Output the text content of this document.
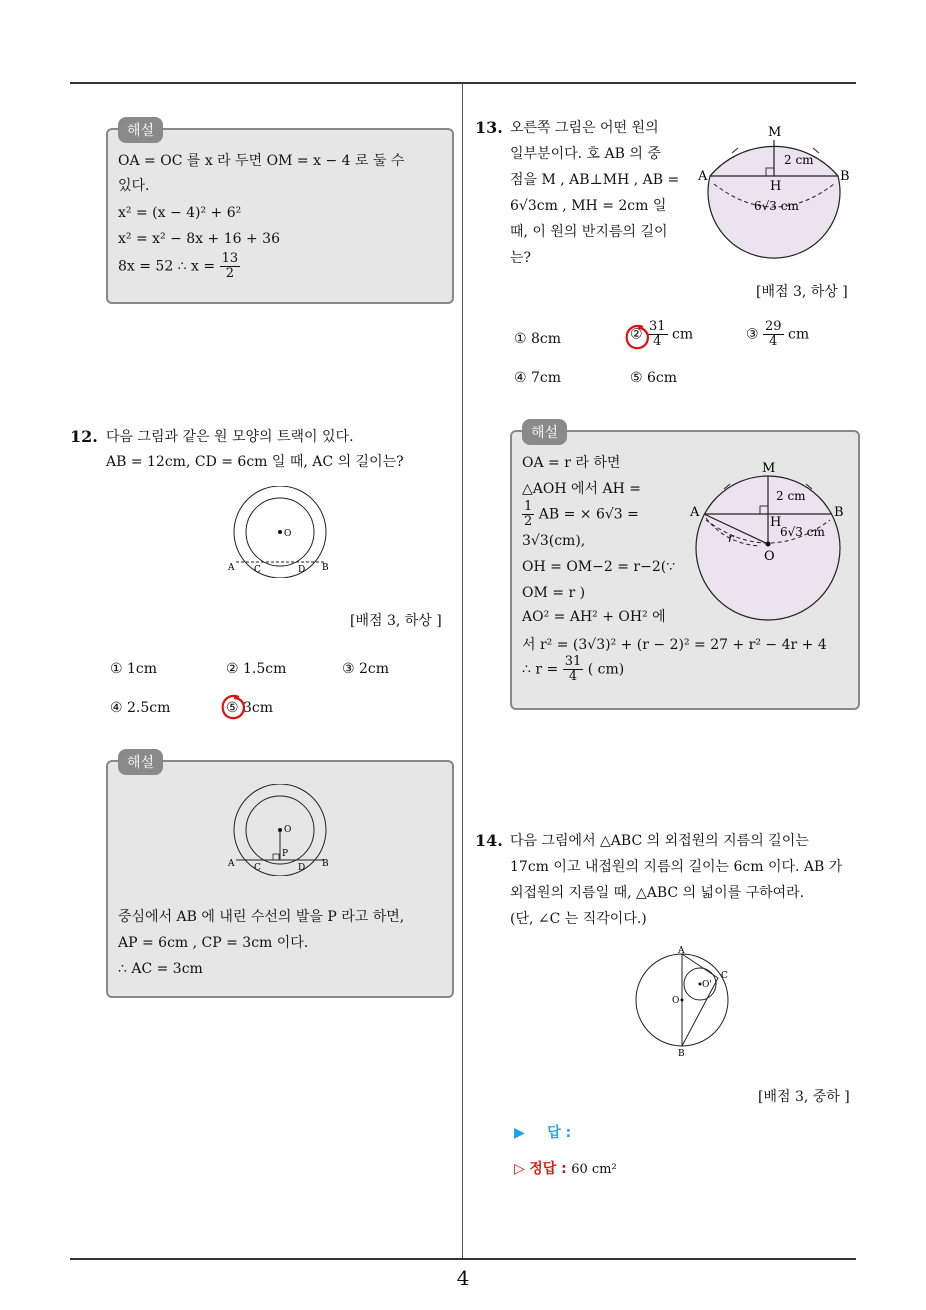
4
해설
OA = OC 를 x 라 두면 OM = x − 4 로 둘 수
있다.
x² = (x − 4)² + 6²
x² = x² − 8x + 16 + 36
8x = 52 ∴ $x = \frac{13}{2}$
12. 다음 그림과 같은 원 모양의 트랙이 있다.
AB = 12cm, CD = 6cm 일 때, AC 의 길이는?
O
A C	D B
[배점 3, 하상 ]
① 1cm	② 1.5cm	③ 2cm
④ 2.5cm	⑤ 3cm
해설
O
P
A C	D B
중심에서 AB 에 내린 수선의 발을 P 라고 하면,
AP = 6cm , CP = 3cm 이다.
∴ AC = 3cm
13. 오른쪽 그림은 어떤 원의
일부분이다. 호 AB 의 중
점을 M , AB⊥MH , AB =
6√3cm , MH = 2cm 일
때, 이 원의 반지름의 길이
는?
M
A	B
H
2 cm
6√3 cm
[배점 3, 하상 ]
① 8cm	② $\frac{31}{4}$ cm	③ $\frac{29}{4}$ cm
④ 7cm	⑤ 6cm
해설
OA = r 라 하면
△AOH 에서 AH =
$\frac{1}{2}$ AB = × 6√3 =
3√3(cm),
OH = OM−2 = r−2(∵
OM = r )
AO² = AH² + OH² 에
서 r² = (3√3)² + (r − 2)² = 27 + r² − 4r + 4
∴ $r = \frac{31}{4}$ ( cm)
M
A	B
H
O
2 cm
6√3 cm
r
14. 다음 그림에서 △ABC 의 외접원의 지름의 길이는
17cm 이고 내접원의 지름의 길이는 6cm 이다. AB 가
외접원의 지름일 때, △ABC 의 넓이를 구하여라.
(단, ∠C 는 직각이다.)
A
B
C
O
O'
[배점 3, 중하 ]
▶ 답 :
▷ 정답 : 60 cm²
